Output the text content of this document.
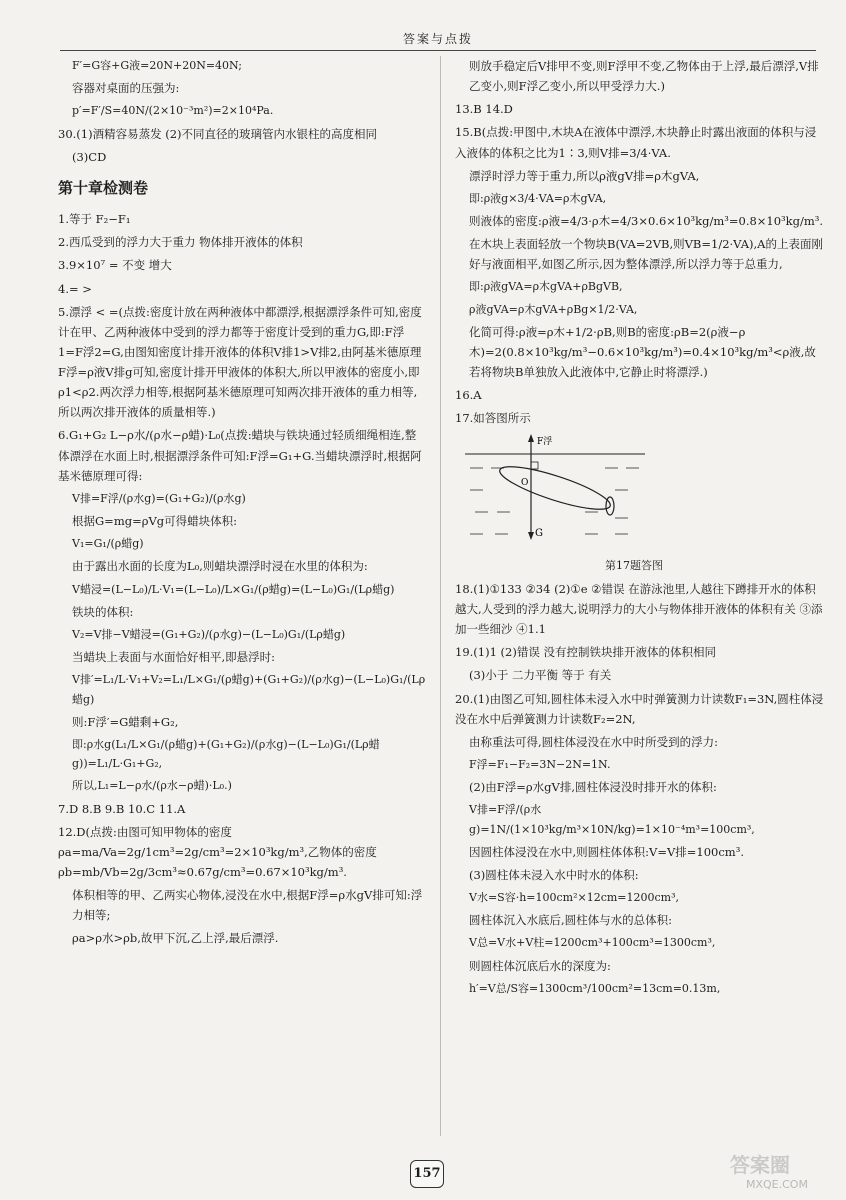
答案与点拨

F′=G容+G液=20N+20N=40N;

容器对桌面的压强为:

p′=F′/S=40N/(2×10⁻³m²)=2×10⁴Pa.

30.(1)酒精容易蒸发 (2)不同直径的玻璃管内水银柱的高度相同

(3)CD

第十章检测卷

1.等于 F₂−F₁

2.西瓜受到的浮力大于重力 物体排开液体的体积

3.9×10⁷ = 不变 增大

4.= >

5.漂浮 < =(点拨:密度计放在两种液体中都漂浮,根据漂浮条件可知,密度计在甲、乙两种液体中受到的浮力都等于密度计受到的重力G,即:F浮1=F浮2=G,由图知密度计排开液体的体积V排1>V排2,由阿基米德原理F浮=ρ液V排g可知,密度计排开甲液体的体积大,所以甲液体的密度小,即ρ1<ρ2.两次浮力相等,根据阿基米德原理可知两次排开液体的重力相等,所以两次排开液体的质量相等.)

6.G₁+G₂ L−ρ水/(ρ水−ρ蜡)·L₀(点拨:蜡块与铁块通过轻质细绳相连,整体漂浮在水面上时,根据漂浮条件可知:F浮=G₁+G.当蜡块漂浮时,根据阿基米德原理可得:

V排=F浮/(ρ水g)=(G₁+G₂)/(ρ水g)

根据G=mg=ρVg可得蜡块体积:

V₁=G₁/(ρ蜡g)

由于露出水面的长度为L₀,则蜡块漂浮时浸在水里的体积为:

V蜡浸=(L−L₀)/L·V₁=(L−L₀)/L×G₁/(ρ蜡g)=(L−L₀)G₁/(Lρ蜡g)

铁块的体积:

V₂=V排−V蜡浸=(G₁+G₂)/(ρ水g)−(L−L₀)G₁/(Lρ蜡g)

当蜡块上表面与水面恰好相平,即悬浮时:

V排′=L₁/L·V₁+V₂=L₁/L×G₁/(ρ蜡g)+(G₁+G₂)/(ρ水g)−(L−L₀)G₁/(Lρ蜡g)

则:F浮′=G蜡剩+G₂,

即:ρ水g(L₁/L×G₁/(ρ蜡g)+(G₁+G₂)/(ρ水g)−(L−L₀)G₁/(Lρ蜡g))=L₁/L·G₁+G₂,

所以,L₁=L−ρ水/(ρ水−ρ蜡)·L₀.)

7.D 8.B 9.B 10.C 11.A

12.D(点拨:由图可知甲物体的密度ρa=ma/Va=2g/1cm³=2g/cm³=2×10³kg/m³,乙物体的密度ρb=mb/Vb=2g/3cm³≈0.67g/cm³=0.67×10³kg/m³.

体积相等的甲、乙两实心物体,浸没在水中,根据F浮=ρ水gV排可知:浮力相等;

ρa>ρ水>ρb,故甲下沉,乙上浮,最后漂浮.

则放手稳定后V排甲不变,则F浮甲不变,乙物体由于上浮,最后漂浮,V排乙变小,则F浮乙变小,所以甲受浮力大.)

13.B 14.D

15.B(点拨:甲图中,木块A在液体中漂浮,木块静止时露出液面的体积与浸入液体的体积之比为1∶3,则V排=3/4·VA.

漂浮时浮力等于重力,所以ρ液gV排=ρ木gVA,

即:ρ液g×3/4·VA=ρ木gVA,

则液体的密度:ρ液=4/3·ρ木=4/3×0.6×10³kg/m³=0.8×10³kg/m³.

在木块上表面轻放一个物块B(VA=2VB,则VB=1/2·VA),A的上表面刚好与液面相平,如图乙所示,因为整体漂浮,所以浮力等于总重力,

即:ρ液gVA=ρ木gVA+ρBgVB,

ρ液gVA=ρ木gVA+ρBg×1/2·VA,

化简可得:ρ液=ρ木+1/2·ρB,则B的密度:ρB=2(ρ液−ρ木)=2(0.8×10³kg/m³−0.6×10³kg/m³)=0.4×10³kg/m³<ρ液,故若将物块B单独放入此液体中,它静止时将漂浮.)

16.A

17.如答图所示

F浮
G
O

第17题答图

18.(1)①133 ②34 (2)①e ②错误 在游泳池里,人越往下蹲排开水的体积越大,人受到的浮力越大,说明浮力的大小与物体排开液体的体积有关 ③添加一些细沙 ④1.1

19.(1)1 (2)错误 没有控制铁块排开液体的体积相同

(3)小于 二力平衡 等于 有关

20.(1)由图乙可知,圆柱体未浸入水中时弹簧测力计读数F₁=3N,圆柱体浸没在水中后弹簧测力计读数F₂=2N,

由称重法可得,圆柱体浸没在水中时所受到的浮力:

F浮=F₁−F₂=3N−2N=1N.

(2)由F浮=ρ水gV排,圆柱体浸没时排开水的体积:

V排=F浮/(ρ水g)=1N/(1×10³kg/m³×10N/kg)=1×10⁻⁴m³=100cm³,

因圆柱体浸没在水中,则圆柱体体积:V=V排=100cm³.

(3)圆柱体未浸入水中时水的体积:

V水=S容·h=100cm²×12cm=1200cm³,

圆柱体沉入水底后,圆柱体与水的总体积:

V总=V水+V柱=1200cm³+100cm³=1300cm³,

则圆柱体沉底后水的深度为:

h′=V总/S容=1300cm³/100cm²=13cm=0.13m,

157	答案圈
MXQE.COM
